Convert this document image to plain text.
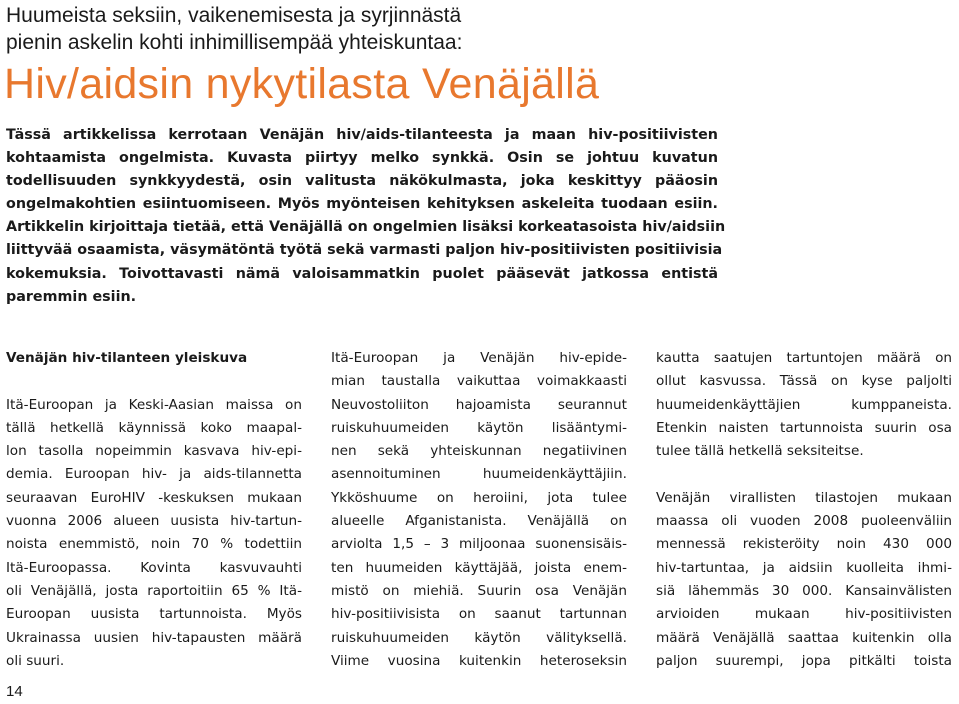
Huumeista seksiin, vaikenemisesta ja syrjinnästä
pienin askelin kohti inhimillisempää yhteiskuntaa:
Hiv/aidsin nykytilasta Venäjällä
Tässä artikkelissa kerrotaan Venäjän hiv/aids-tilanteesta ja maan hiv-positiivisten
kohtaamista ongelmista. Kuvasta piirtyy melko synkkä. Osin se johtuu kuvatun
todellisuuden synkkyydestä, osin valitusta näkökulmasta, joka keskittyy pääosin
ongelmakohtien esiintuomiseen. Myös myönteisen kehityksen askeleita tuodaan esiin.
Artikkelin kirjoittaja tietää, että Venäjällä on ongelmien lisäksi korkeatasoista hiv/aidsiin
liittyvää osaamista, väsymätöntä työtä sekä varmasti paljon hiv-positiivisten positiivisia
kokemuksia. Toivottavasti nämä valoisammatkin puolet pääsevät jatkossa entistä
paremmin esiin.
Venäjän hiv-tilanteen yleiskuva
Itä-Euroopan ja Keski-Aasian maissa on
tällä hetkellä käynnissä koko maapal-
lon tasolla nopeimmin kasvava hiv-epi-
demia. Euroopan hiv- ja aids-tilannetta
seuraavan EuroHIV -keskuksen mukaan
vuonna 2006 alueen uusista hiv-tartun-
noista enemmistö, noin 70 % todettiin
Itä-Euroopassa. Kovinta kasvuvauhti
oli Venäjällä, josta raportoitiin 65 % Itä-
Euroopan uusista tartunnoista. Myös
Ukrainassa uusien hiv-tapausten määrä
oli suuri.
Itä-Euroopan ja Venäjän hiv-epide-
mian taustalla vaikuttaa voimakkaasti
Neuvostoliiton hajoamista seurannut
ruiskuhuumeiden käytön lisääntymi-
nen sekä yhteiskunnan negatiivinen
asennoituminen huumeidenkäyttäjiin.
Ykköshuume on heroiini, jota tulee
alueelle Afganistanista. Venäjällä on
arviolta 1,5 – 3 miljoonaa suonensisäis-
ten huumeiden käyttäjää, joista enem-
mistö on miehiä. Suurin osa Venäjän
hiv-positiivisista on saanut tartunnan
ruiskuhuumeiden käytön välityksellä.
Viime vuosina kuitenkin heteroseksin
kautta saatujen tartuntojen määrä on
ollut kasvussa. Tässä on kyse paljolti
huumeidenkäyttäjien kumppaneista.
Etenkin naisten tartunnoista suurin osa
tulee tällä hetkellä seksiteitse.
Venäjän virallisten tilastojen mukaan
maassa oli vuoden 2008 puoleenväliin
mennessä rekisteröity noin 430 000
hiv-tartuntaa, ja aidsiin kuolleita ihmi-
siä lähemmäs 30 000. Kansainvälisten
arvioiden mukaan hiv-positiivisten
määrä Venäjällä saattaa kuitenkin olla
paljon suurempi, jopa pitkälti toista
14
